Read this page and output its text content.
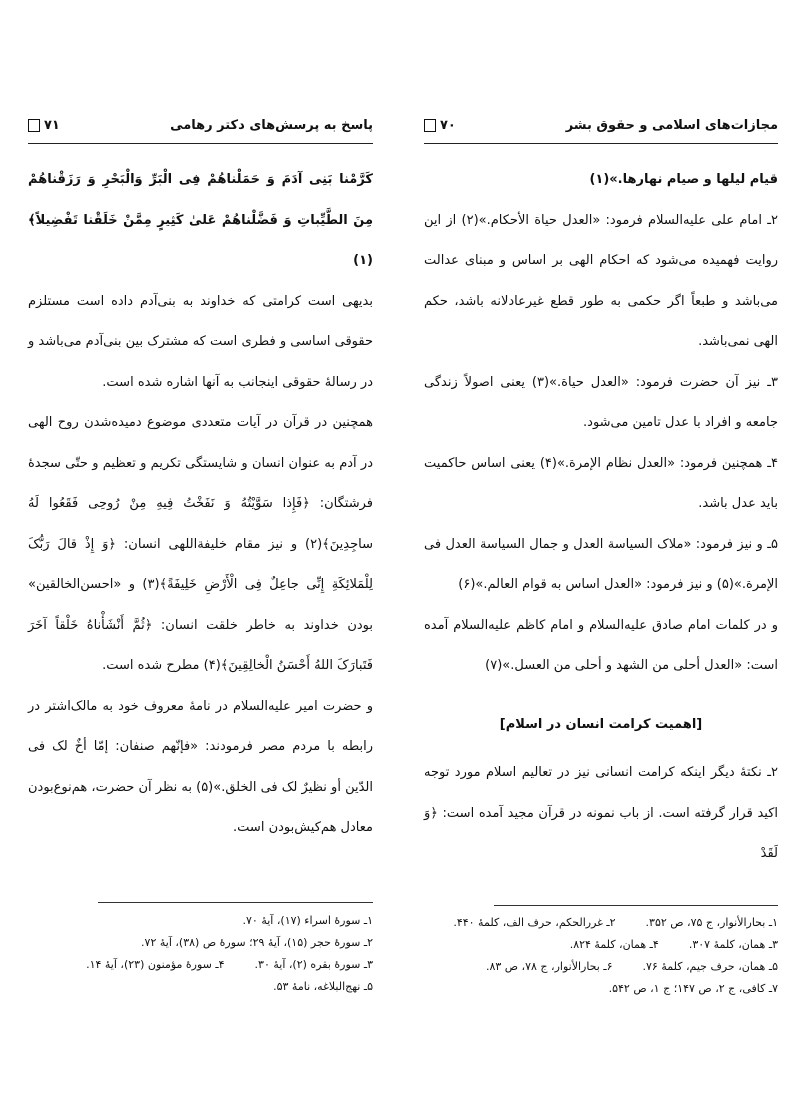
۷۰	مجازات‌های اسلامی و حقوق بشر

قیام لیلها و صیام نهارها.»(۱)

۲ـ امام علی‌ عليه‌السلام فرمود: «العدل حیاة الأحکام.»(۲) از این روایت فهمیده می‌شود که احکام الهی بر اساس و مبنای عدالت می‌باشد و طبعاً اگر حکمی به طور قطع غیرعادلانه باشد، حکم الهی نمی‌باشد.

۳ـ نیز آن حضرت فرمود: «العدل حیاة.»(۳) یعنی اصولاً زندگی جامعه و افراد با عدل تامین می‌شود.

۴ـ همچنین فرمود: «العدل نظام الإمرة.»(۴) یعنی اساس حاکمیت باید عدل باشد.

۵ـ و نیز فرمود: «ملاک السیاسة العدل و جمال السیاسة العدل فی الإمرة.»(۵) و نیز فرمود: «العدل اساس به قوام العالم.»(۶)

و در کلمات امام صادق‌ عليه‌السلام و امام کاظم‌ عليه‌السلام آمده است: «العدل أحلی من الشهد و أحلی من العسل.»(۷)

[اهمیت کرامت انسان در اسلام]

۲ـ نکتهٔ دیگر اینکه کرامت انسانی نیز در تعالیم اسلام مورد توجه اکید قرار گرفته است. از باب نمونه در قرآن مجید آمده است: ﴿وَ لَقَدْ

۱ـ بحارالأنوار، ج ۷۵، ص ۳۵۲.
۲ـ غررالحکم، حرف الف، کلمهٔ ۴۴۰.
۳ـ همان، کلمهٔ ۳۰۷.
۴ـ همان، کلمهٔ ۸۲۴.
۵ـ همان، حرف جیم، کلمهٔ ۷۶.
۶ـ بحارالأنوار، ج ۷۸، ص ۸۳.
۷ـ کافی، ج ۲، ص ۱۴۷؛ ج ۱، ص ۵۴۲.
۷۱	پاسخ به پرسش‌های دکتر رهامی

کَرَّمْنا بَنِی آدَمَ وَ حَمَلْناهُمْ فِی الْبَرِّ وَالْبَحْرِ وَ رَزَقْناهُمْ مِنَ الطَّیِّباتِ وَ فَضَّلْناهُمْ عَلیٰ کَثِیرٍ مِمَّنْ خَلَقْنا تَفْضِیلاً﴾(۱)

بدیهی است کرامتی که خداوند به بنی‌آدم داده است مستلزم حقوقی اساسی و فطری است که مشترک بین بنی‌آدم می‌باشد و در رسالهٔ حقوقی اینجانب به آنها اشاره شده است.

همچنین در قرآن در آیات متعددی موضوع دمیده‌شدن روح الهی در آدم به عنوان انسان و شایستگی تکریم و تعظیم و حتّی سجدهٔ فرشتگان: ﴿فَإِذا سَوَّیْتُهُ وَ نَفَخْتُ فِیهِ مِنْ رُوحِی فَقَعُوا لَهُ ساجِدِینَ﴾(۲) و نیز مقام خلیفةاللهی انسان: ﴿وَ إِذْ قالَ رَبُّکَ لِلْمَلائِکَةِ إِنِّی جاعِلٌ فِی الْأَرْضِ خَلِیفَةً﴾(۳) و «احسن‌الخالقین» بودن خداوند به خاطر خلقت انسان: ﴿ثُمَّ أَنْشَأْناهُ خَلْقاً آخَرَ فَتَبارَکَ اللهُ أَحْسَنُ الْخالِقِینَ﴾(۴) مطرح شده است.

و حضرت امیر عليه‌السلام در نامهٔ معروف خود به مالک‌اشتر در رابطه با مردم مصر فرمودند: «فإنّهم صنفان: إمّا أخٌ لک فی الدّین أو نظیرٌ لک فی الخلق.»(۵) به نظر آن حضرت، هم‌نوع‌بودن معادل هم‌کیش‌بودن است.

۱ـ سورهٔ اسراء (۱۷)، آیهٔ ۷۰.
۲ـ سورهٔ حجر (۱۵)، آیهٔ ۲۹؛ سورهٔ ص (۳۸)، آیهٔ ۷۲.
۳ـ سورهٔ بقره (۲)، آیهٔ ۳۰.
۴ـ سورهٔ مؤمنون (۲۳)، آیهٔ ۱۴.
۵ـ نهج‌البلاغه، نامهٔ ۵۳.
